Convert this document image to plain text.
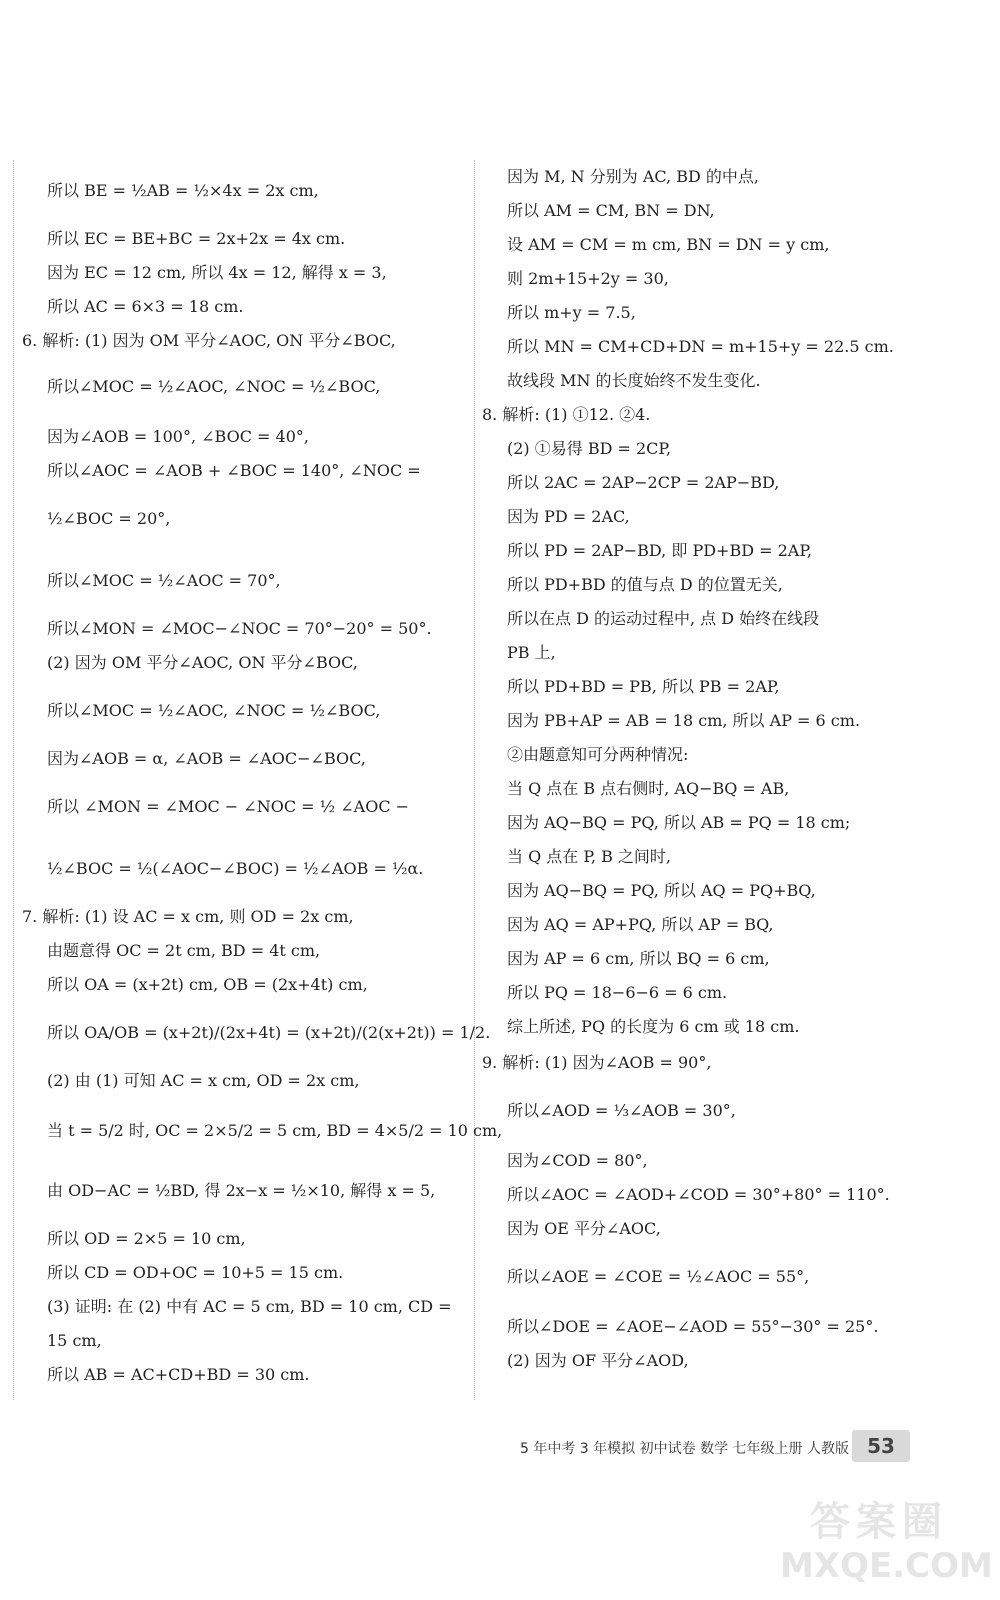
所以 BE = ½AB = ½×4x = 2x cm,
所以 EC = BE+BC = 2x+2x = 4x cm.
因为 EC = 12 cm, 所以 4x = 12, 解得 x = 3,
所以 AC = 6×3 = 18 cm.
6. 解析: (1) 因为 OM 平分∠AOC, ON 平分∠BOC,
所以∠MOC = ½∠AOC, ∠NOC = ½∠BOC,
因为∠AOB = 100°, ∠BOC = 40°,
所以∠AOC = ∠AOB + ∠BOC = 140°, ∠NOC =
½∠BOC = 20°,
所以∠MOC = ½∠AOC = 70°,
所以∠MON = ∠MOC−∠NOC = 70°−20° = 50°.
(2) 因为 OM 平分∠AOC, ON 平分∠BOC,
所以∠MOC = ½∠AOC, ∠NOC = ½∠BOC,
因为∠AOB = α, ∠AOB = ∠AOC−∠BOC,
所以 ∠MON = ∠MOC − ∠NOC = ½ ∠AOC −
½∠BOC = ½(∠AOC−∠BOC) = ½∠AOB = ½α.
7. 解析: (1) 设 AC = x cm, 则 OD = 2x cm,
由题意得 OC = 2t cm, BD = 4t cm,
所以 OA = (x+2t) cm, OB = (2x+4t) cm,
所以 OA/OB = (x+2t)/(2x+4t) = (x+2t)/(2(x+2t)) = 1/2.
(2) 由 (1) 可知 AC = x cm, OD = 2x cm,
当 t = 5/2 时, OC = 2×5/2 = 5 cm, BD = 4×5/2 = 10 cm,
由 OD−AC = ½BD, 得 2x−x = ½×10, 解得 x = 5,
所以 OD = 2×5 = 10 cm,
所以 CD = OD+OC = 10+5 = 15 cm.
(3) 证明: 在 (2) 中有 AC = 5 cm, BD = 10 cm, CD =
15 cm,
所以 AB = AC+CD+BD = 30 cm.
因为 M, N 分别为 AC, BD 的中点,
所以 AM = CM, BN = DN,
设 AM = CM = m cm, BN = DN = y cm,
则 2m+15+2y = 30,
所以 m+y = 7.5,
所以 MN = CM+CD+DN = m+15+y = 22.5 cm.
故线段 MN 的长度始终不发生变化.
8. 解析: (1) ①12. ②4.
(2) ①易得 BD = 2CP,
所以 2AC = 2AP−2CP = 2AP−BD,
因为 PD = 2AC,
所以 PD = 2AP−BD, 即 PD+BD = 2AP,
所以 PD+BD 的值与点 D 的位置无关,
所以在点 D 的运动过程中, 点 D 始终在线段
PB 上,
所以 PD+BD = PB, 所以 PB = 2AP,
因为 PB+AP = AB = 18 cm, 所以 AP = 6 cm.
②由题意知可分两种情况:
当 Q 点在 B 点右侧时, AQ−BQ = AB,
因为 AQ−BQ = PQ, 所以 AB = PQ = 18 cm;
当 Q 点在 P, B 之间时,
因为 AQ−BQ = PQ, 所以 AQ = PQ+BQ,
因为 AQ = AP+PQ, 所以 AP = BQ,
因为 AP = 6 cm, 所以 BQ = 6 cm,
所以 PQ = 18−6−6 = 6 cm.
综上所述, PQ 的长度为 6 cm 或 18 cm.
9. 解析: (1) 因为∠AOB = 90°,
所以∠AOD = ⅓∠AOB = 30°,
因为∠COD = 80°,
所以∠AOC = ∠AOD+∠COD = 30°+80° = 110°.
因为 OE 平分∠AOC,
所以∠AOE = ∠COE = ½∠AOC = 55°,
所以∠DOE = ∠AOE−∠AOD = 55°−30° = 25°.
(2) 因为 OF 平分∠AOD,
5 年中考 3 年模拟 初中试卷 数学 七年级上册 人教版 53
答案圈
MXQE.COM
